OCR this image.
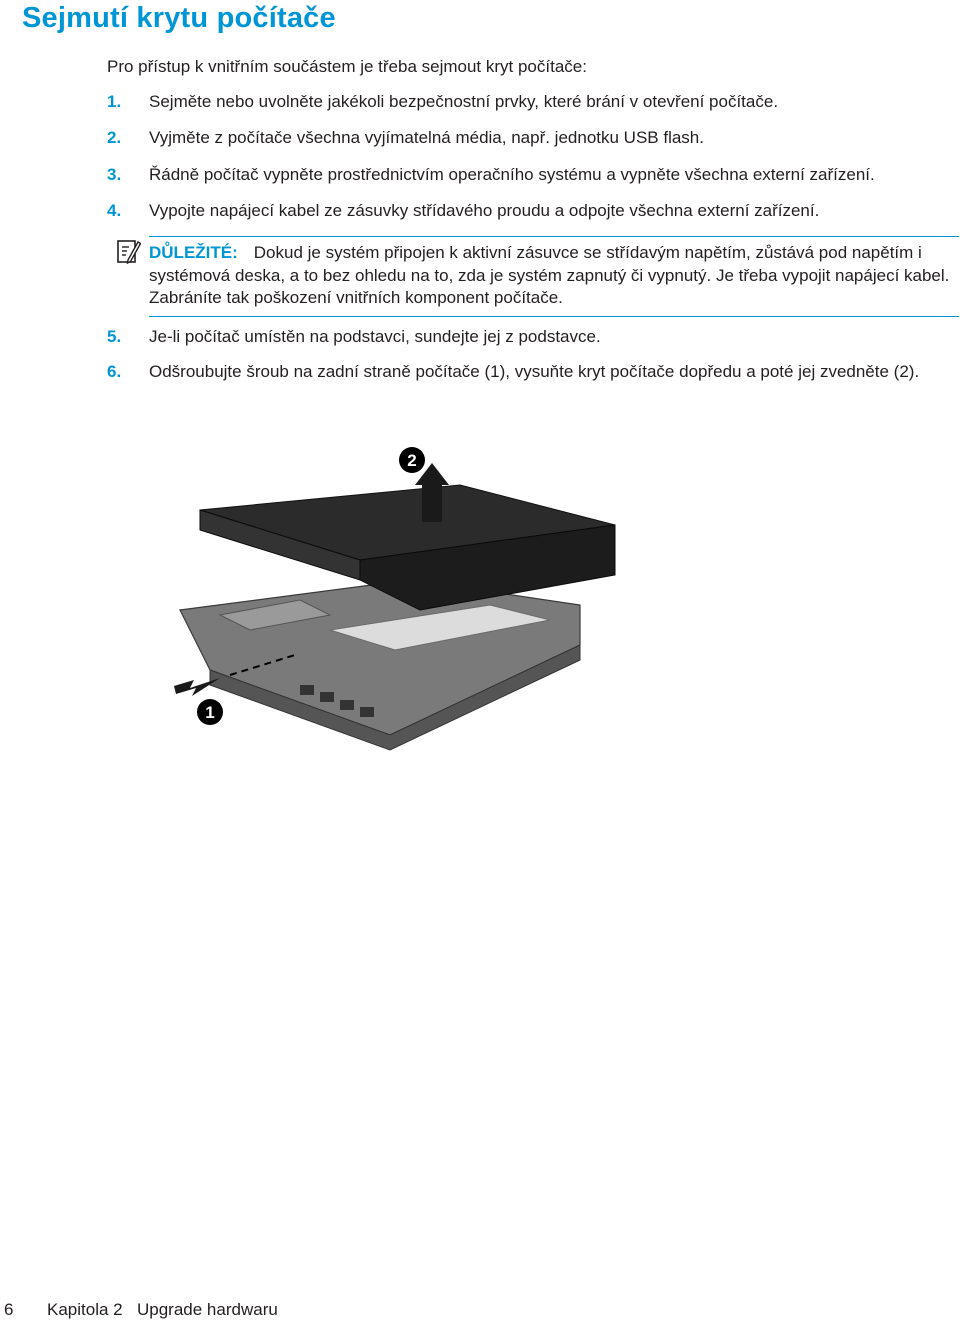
Sejmutí krytu počítače
Pro přístup k vnitřním součástem je třeba sejmout kryt počítače:
1. Sejměte nebo uvolněte jakékoli bezpečnostní prvky, které brání v otevření počítače.
2. Vyjměte z počítače všechna vyjímatelná média, např. jednotku USB flash.
3. Řádně počítač vypněte prostřednictvím operačního systému a vypněte všechna externí zařízení.
4. Vypojte napájecí kabel ze zásuvky střídavého proudu a odpojte všechna externí zařízení.
DŮLEŽITÉ: Dokud je systém připojen k aktivní zásuvce se střídavým napětím, zůstává pod napětím i systémová deska, a to bez ohledu na to, zda je systém zapnutý či vypnutý. Je třeba vypojit napájecí kabel. Zabráníte tak poškození vnitřních komponent počítače.
5. Je-li počítač umístěn na podstavci, sundejte jej z podstavce.
6. Odšroubujte šroub na zadní straně počítače (1), vysuňte kryt počítače dopředu a poté jej zvedněte (2).
1
2
6 Kapitola 2 Upgrade hardwaru
